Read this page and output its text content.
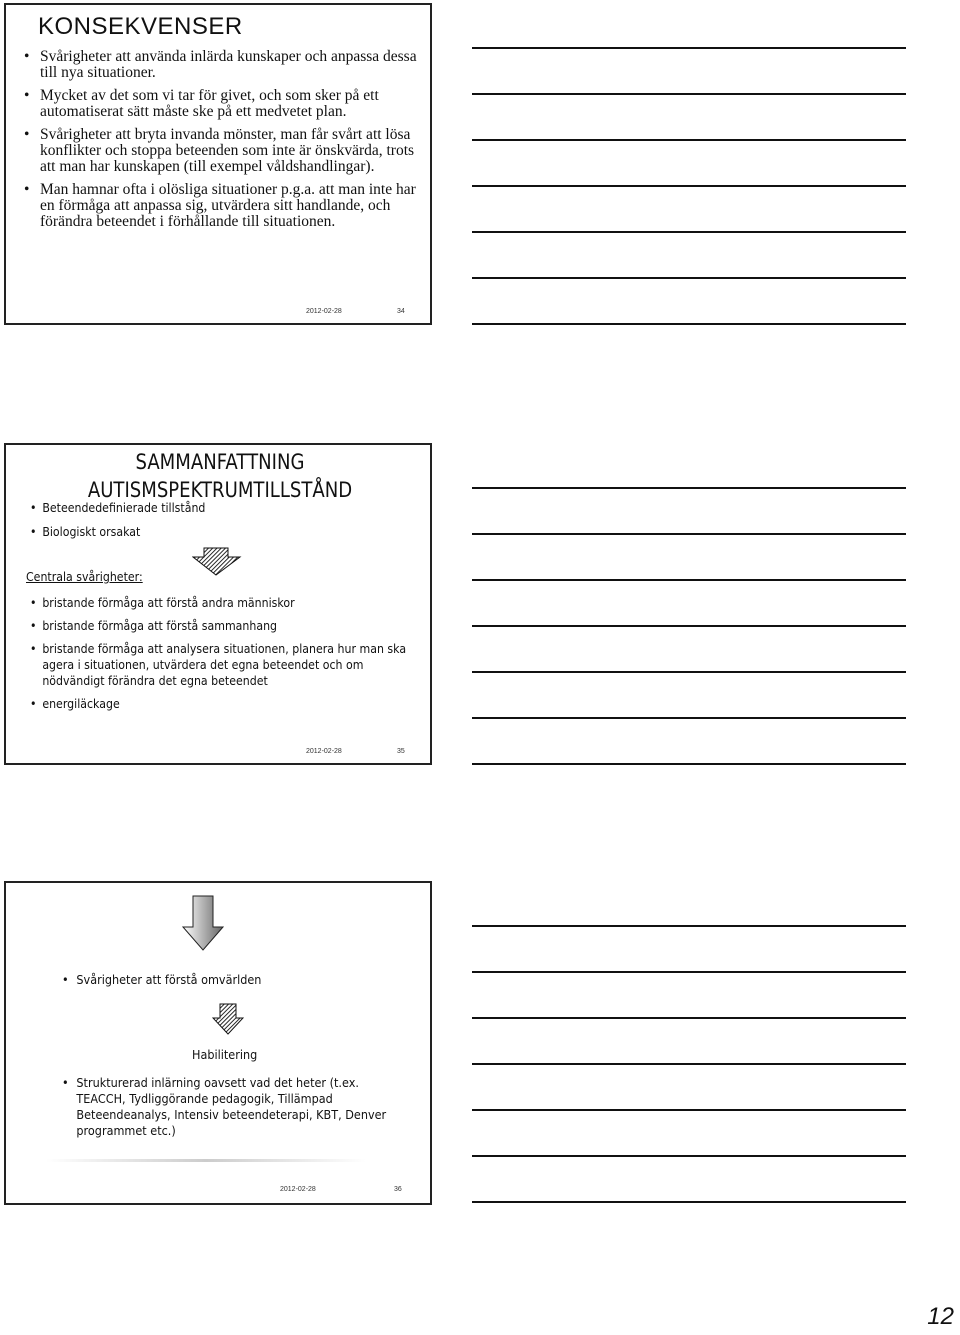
KONSEKVENSER
• Svårigheter att använda inlärda kunskaper och anpassa dessa till nya situationer.
• Mycket av det som vi tar för givet, och som sker på ett automatiserat sätt måste ske på ett medvetet plan.
• Svårigheter att bryta invanda mönster, man får svårt att lösa konflikter och stoppa beteenden som inte är önskvärda, trots att man har kunskapen (till exempel våldshandlingar).
• Man hamnar ofta i olösliga situationer p.g.a. att man inte har en förmåga att anpassa sig, utvärdera sitt handlande, och förändra beteendet i förhållande till situationen.
2012-02-28	34
SAMMANFATTNING
AUTISMSPEKTRUMTILLSTÅND
• Beteendedefinierade tillstånd
• Biologiskt orsakat
Centrala svårigheter:
• bristande förmåga att förstå andra människor
• bristande förmåga att förstå sammanhang
• bristande förmåga att analysera situationen, planera hur man ska agera i situationen, utvärdera det egna beteendet och om nödvändigt förändra det egna beteendet
• energiläckage
2012-02-28	35
• Svårigheter att förstå omvärlden
Habilitering
• Strukturerad inlärning oavsett vad det heter (t.ex. TEACCH, Tydliggörande pedagogik, Tillämpad Beteendeanalys, Intensiv beteendeterapi, KBT, Denver programmet etc.)
2012-02-28	36
12
